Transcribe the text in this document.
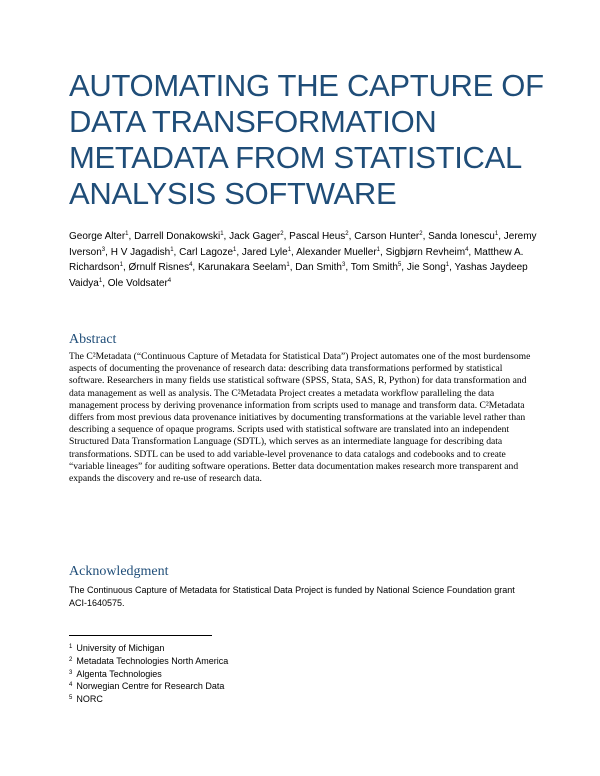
AUTOMATING THE CAPTURE OF
DATA TRANSFORMATION
METADATA FROM STATISTICAL
ANALYSIS SOFTWARE
George Alter$^1$, Darrell Donakowski$^1$, Jack Gager$^2$, Pascal Heus$^2$, Carson Hunter$^2$, Sanda Ionescu$^1$, Jeremy Iverson$^3$, H V Jagadish$^1$, Carl Lagoze$^1$, Jared Lyle$^1$, Alexander Mueller$^1$, Sigbjørn Revheim$^4$, Matthew A. Richardson$^1$, Ørnulf Risnes$^4$, Karunakara Seelam$^1$, Dan Smith$^3$, Tom Smith$^5$, Jie Song$^1$, Yashas Jaydeep Vaidya$^1$, Ole Voldsater$^4$
Abstract
The C²Metadata (“Continuous Capture of Metadata for Statistical Data”) Project automates one of the most burdensome aspects of documenting the provenance of research data: describing data transformations performed by statistical software. Researchers in many fields use statistical software (SPSS, Stata, SAS, R, Python) for data transformation and data management as well as analysis. The C²Metadata Project creates a metadata workflow paralleling the data management process by deriving provenance information from scripts used to manage and transform data. C²Metadata differs from most previous data provenance initiatives by documenting transformations at the variable level rather than describing a sequence of opaque programs. Scripts used with statistical software are translated into an independent Structured Data Transformation Language (SDTL), which serves as an intermediate language for describing data transformations. SDTL can be used to add variable-level provenance to data catalogs and codebooks and to create “variable lineages” for auditing software operations. Better data documentation makes research more transparent and expands the discovery and re-use of research data.
Acknowledgment
The Continuous Capture of Metadata for Statistical Data Project is funded by National Science Foundation grant ACI-1640575.
$^1$ University of Michigan
$^2$ Metadata Technologies North America
$^3$ Algenta Technologies
$^4$ Norwegian Centre for Research Data
$^5$ NORC
